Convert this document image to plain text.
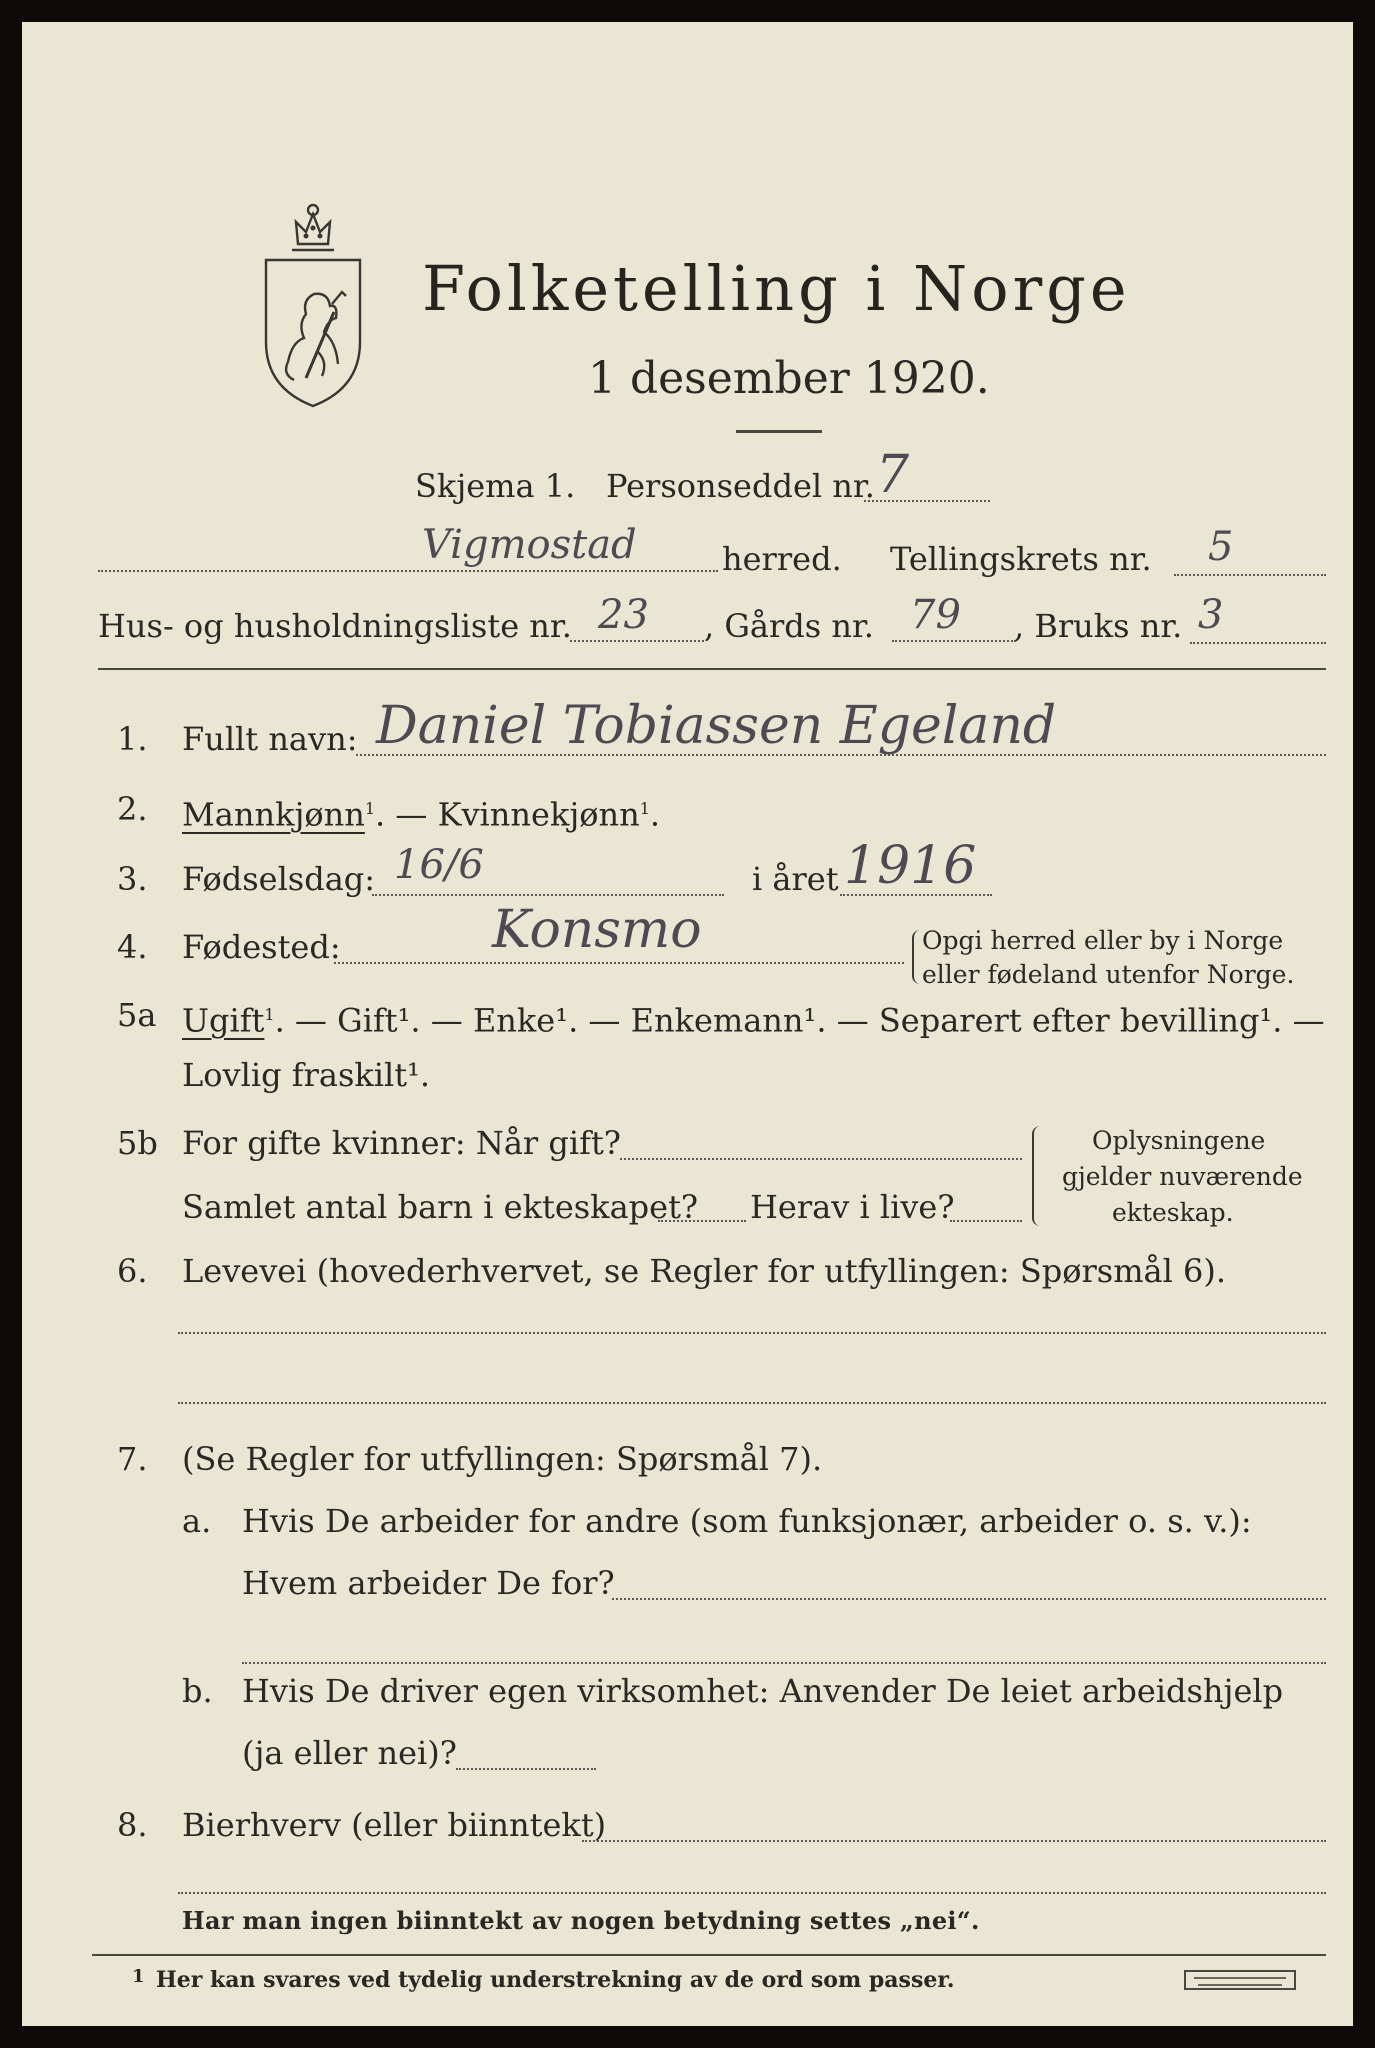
Folketelling i Norge
1 desember 1920.
Skjema 1. Personseddel nr. 7
Vigmostad	herred. Tellingskrets nr. 5
Hus- og husholdningsliste nr. 23 , Gårds nr. 79 , Bruks nr. 3
1. Fullt navn: Daniel Tobiassen Egeland
2. Mannkjønn$^1$. — Kvinnekjønn$^1$.
3. Fødselsdag: 16/6	i året 1916
4. Fødested:	Konsmo	Opgi herred eller by i Norge
eller fødeland utenfor Norge.
5a Ugift$^1$. — Gift¹. — Enke¹. — Enkemann¹. — Separert efter bevilling¹. —
Lovlig fraskilt¹.
5b For gifte kvinner: Når gift?
Samlet antal barn i ekteskapet? Herav i live?
Oplysningene
gjelder nuværende
ekteskap.
6. Levevei (hovederhvervet, se Regler for utfyllingen: Spørsmål 6).
7. (Se Regler for utfyllingen: Spørsmål 7).
a. Hvis De arbeider for andre (som funksjonær, arbeider o. s. v.):
Hvem arbeider De for?
b. Hvis De driver egen virksomhet: Anvender De leiet arbeidshjelp
(ja eller nei)?
8. Bierhverv (eller biinntekt)
Har man ingen biinntekt av nogen betydning settes „nei“.
1 Her kan svares ved tydelig understrekning av de ord som passer.
